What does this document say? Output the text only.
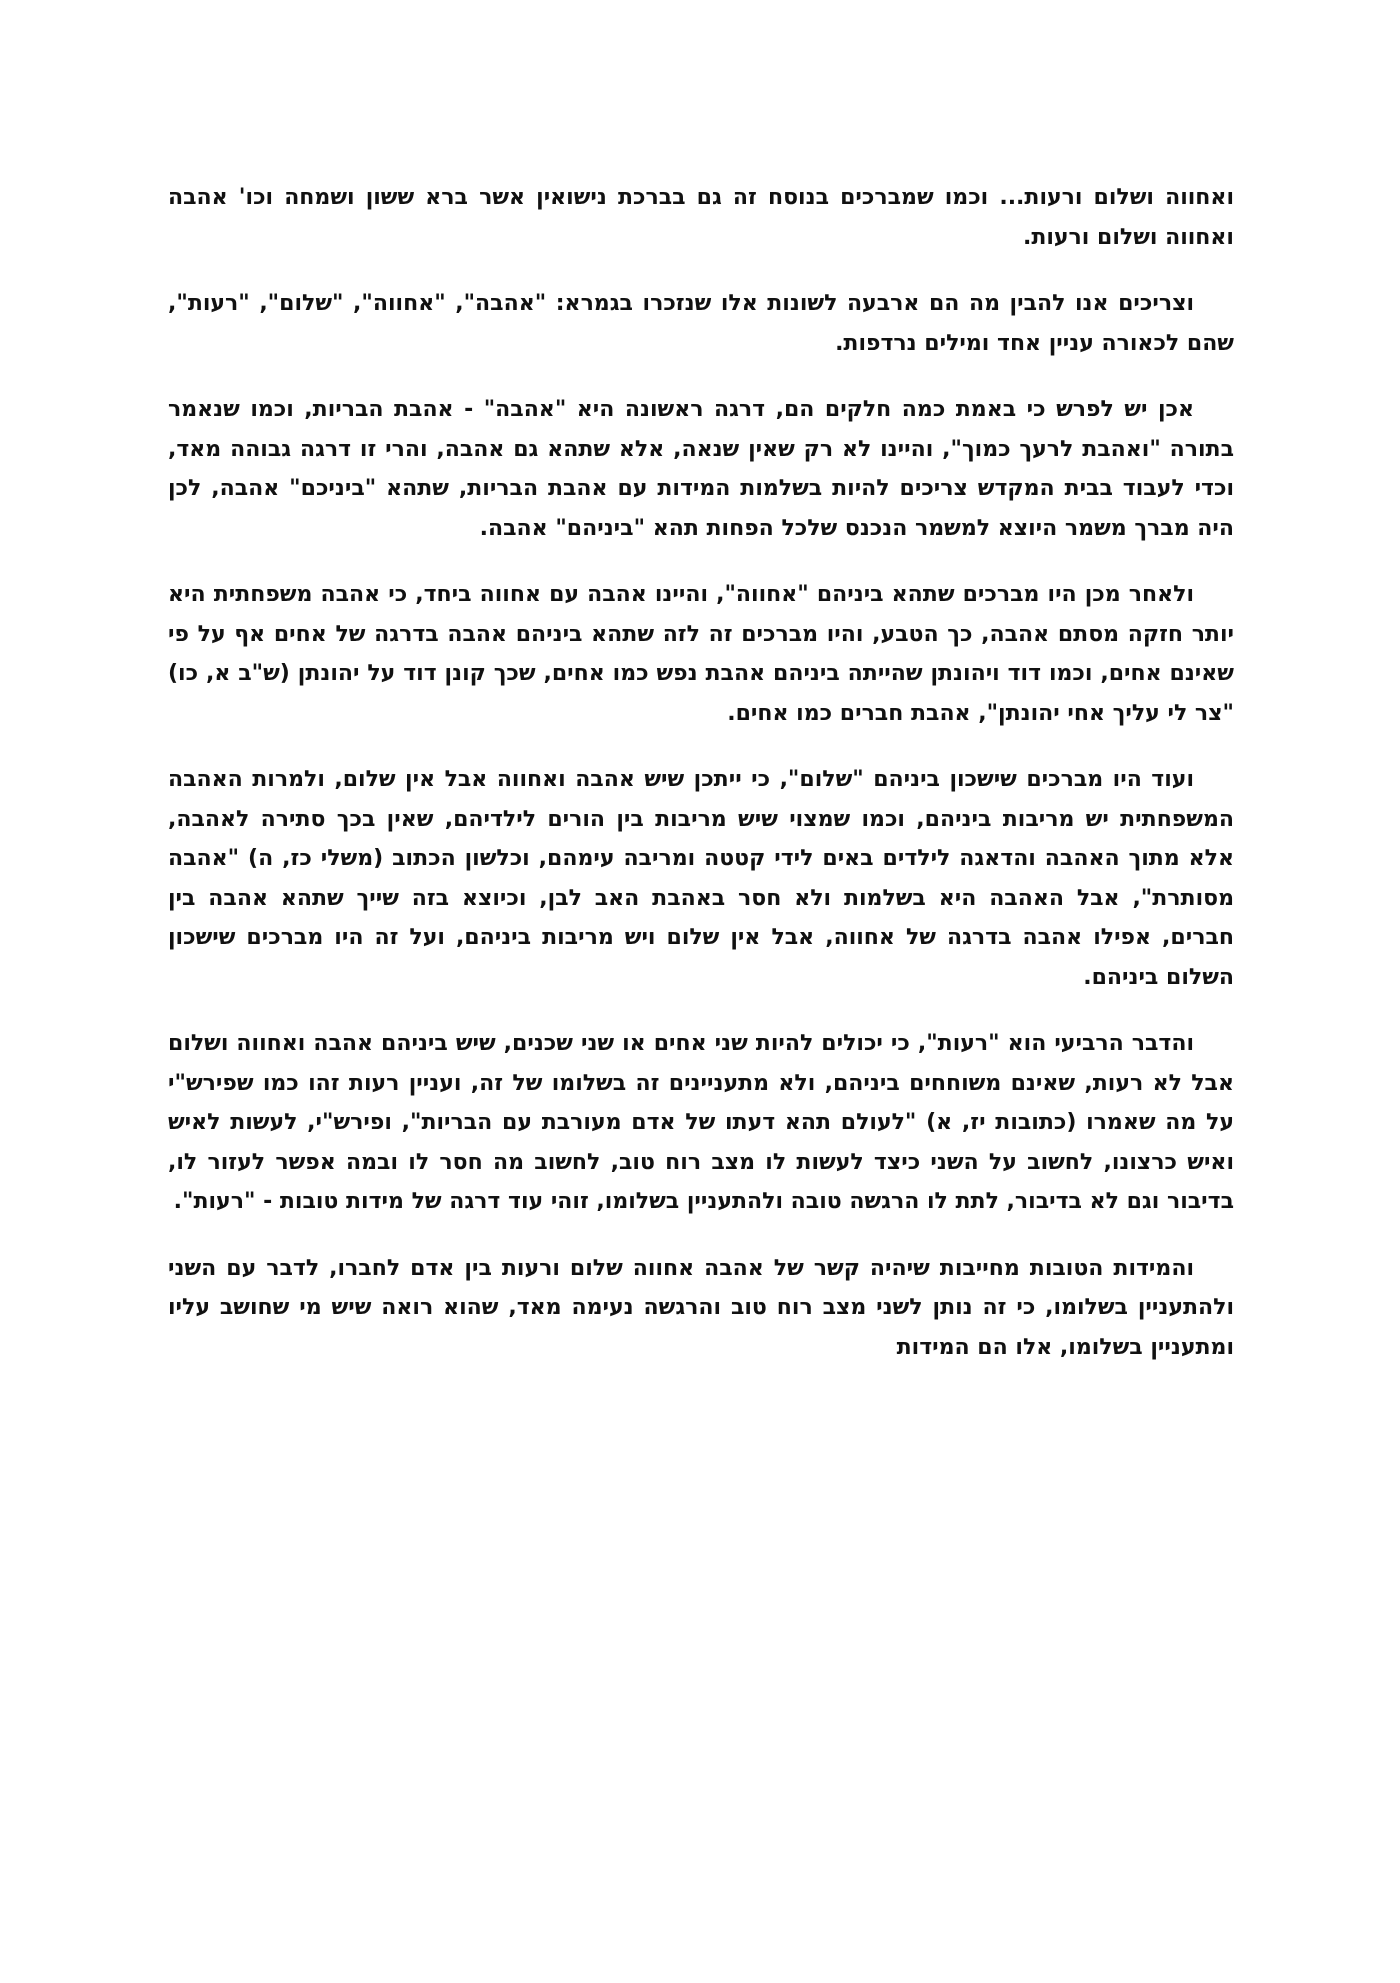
ואחווה ושלום ורעות... וכמו שמברכים בנוסח זה גם בברכת נישואין אשר ברא ששון ושמחה וכו' אהבה ואחווה ושלום ורעות.

וצריכים אנו להבין מה הם ארבעה לשונות אלו שנזכרו בגמרא: "אהבה", "אחווה", "שלום", "רעות", שהם לכאורה עניין אחד ומילים נרדפות.

אכן יש לפרש כי באמת כמה חלקים הם, דרגה ראשונה היא "אהבה" - אהבת הבריות, וכמו שנאמר בתורה "ואהבת לרעך כמוך", והיינו לא רק שאין שנאה, אלא שתהא גם אהבה, והרי זו דרגה גבוהה מאד, וכדי לעבוד בבית המקדש צריכים להיות בשלמות המידות עם אהבת הבריות, שתהא "ביניכם" אהבה, לכן היה מברך משמר היוצא למשמר הנכנס שלכל הפחות תהא "ביניהם" אהבה.

ולאחר מכן היו מברכים שתהא ביניהם "אחווה", והיינו אהבה עם אחווה ביחד, כי אהבה משפחתית היא יותר חזקה מסתם אהבה, כך הטבע, והיו מברכים זה לזה שתהא ביניהם אהבה בדרגה של אחים אף על פי שאינם אחים, וכמו דוד ויהונתן שהייתה ביניהם אהבת נפש כמו אחים, שכך קונן דוד על יהונתן (ש"ב א, כו) "צר לי עליך אחי יהונתן", אהבת חברים כמו אחים.

ועוד היו מברכים שישכון ביניהם "שלום", כי ייתכן שיש אהבה ואחווה אבל אין שלום, ולמרות האהבה המשפחתית יש מריבות ביניהם, וכמו שמצוי שיש מריבות בין הורים לילדיהם, שאין בכך סתירה לאהבה, אלא מתוך האהבה והדאגה לילדים באים לידי קטטה ומריבה עימהם, וכלשון הכתוב (משלי כז, ה) "אהבה מסותרת", אבל האהבה היא בשלמות ולא חסר באהבת האב לבן, וכיוצא בזה שייך שתהא אהבה בין חברים, אפילו אהבה בדרגה של אחווה, אבל אין שלום ויש מריבות ביניהם, ועל זה היו מברכים שישכון השלום ביניהם.

והדבר הרביעי הוא "רעות", כי יכולים להיות שני אחים או שני שכנים, שיש ביניהם אהבה ואחווה ושלום אבל לא רעות, שאינם משוחחים ביניהם, ולא מתעניינים זה בשלומו של זה, ועניין רעות זהו כמו שפירש"י על מה שאמרו (כתובות יז, א) "לעולם תהא דעתו של אדם מעורבת עם הבריות", ופירש"י, לעשות לאיש ואיש כרצונו, לחשוב על השני כיצד לעשות לו מצב רוח טוב, לחשוב מה חסר לו ובמה אפשר לעזור לו, בדיבור וגם לא בדיבור, לתת לו הרגשה טובה ולהתעניין בשלומו, זוהי עוד דרגה של מידות טובות - "רעות".

והמידות הטובות מחייבות שיהיה קשר של אהבה אחווה שלום ורעות בין אדם לחברו, לדבר עם השני ולהתעניין בשלומו, כי זה נותן לשני מצב רוח טוב והרגשה נעימה מאד, שהוא רואה שיש מי שחושב עליו ומתעניין בשלומו, אלו הם המידות
